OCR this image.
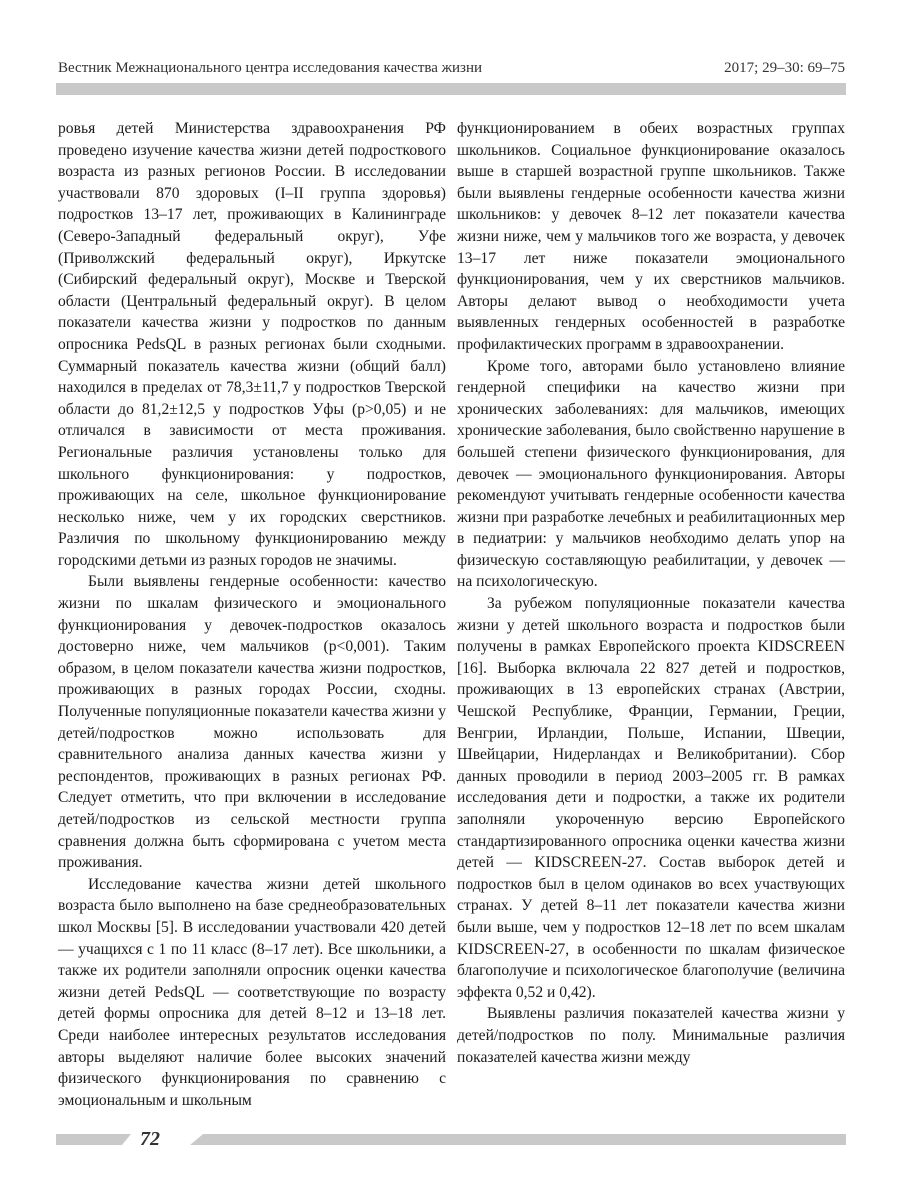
Вестник Межнационального центра исследования качества жизни	2017; 29–30: 69–75

ровья детей Министерства здравоохранения РФ проведено изучение качества жизни детей подросткового возраста из разных регионов России. В исследовании участвовали 870 здоровых (I–II группа здоровья) подростков 13–17 лет, проживающих в Калининграде (Северо-Западный федеральный округ), Уфе (Приволжский федеральный округ), Иркутске (Сибирский федеральный округ), Москве и Тверской области (Центральный федеральный округ). В целом показатели качества жизни у подростков по данным опросника PedsQL в разных регионах были сходными. Суммарный показатель качества жизни (общий балл) находился в пределах от 78,3±11,7 у подростков Тверской области до 81,2±12,5 у подростков Уфы (p>0,05) и не отличался в зависимости от места проживания. Региональные различия установлены только для школьного функционирования: у подростков, проживающих на селе, школьное функционирование несколько ниже, чем у их городских сверстников. Различия по школьному функционированию между городскими детьми из разных городов не значимы.

Были выявлены гендерные особенности: качество жизни по шкалам физического и эмоционального функционирования у девочек-подростков оказалось достоверно ниже, чем мальчиков (p<0,001). Таким образом, в целом показатели качества жизни подростков, проживающих в разных городах России, сходны. Полученные популяционные показатели качества жизни у детей/подростков можно использовать для сравнительного анализа данных качества жизни у респондентов, проживающих в разных регионах РФ. Следует отметить, что при включении в исследование детей/подростков из сельской местности группа сравнения должна быть сформирована с учетом места проживания.

Исследование качества жизни детей школьного возраста было выполнено на базе среднеобразовательных школ Москвы [5]. В исследовании участвовали 420 детей — учащихся с 1 по 11 класс (8–17 лет). Все школьники, а также их родители заполняли опросник оценки качества жизни детей PedsQL — соответствующие по возрасту детей формы опросника для детей 8–12 и 13–18 лет. Среди наиболее интересных результатов исследования авторы выделяют наличие более высоких значений физического функционирования по сравнению с эмоциональным и школьным

функционированием в обеих возрастных группах школьников. Социальное функционирование оказалось выше в старшей возрастной группе школьников. Также были выявлены гендерные особенности качества жизни школьников: у девочек 8–12 лет показатели качества жизни ниже, чем у мальчиков того же возраста, у девочек 13–17 лет ниже показатели эмоционального функционирования, чем у их сверстников мальчиков. Авторы делают вывод о необходимости учета выявленных гендерных особенностей в разработке профилактических программ в здравоохранении.

Кроме того, авторами было установлено влияние гендерной специфики на качество жизни при хронических заболеваниях: для мальчиков, имеющих хронические заболевания, было свойственно нарушение в большей степени физического функционирования, для девочек — эмоционального функционирования. Авторы рекомендуют учитывать гендерные особенности качества жизни при разработке лечебных и реабилитационных мер в педиатрии: у мальчиков необходимо делать упор на физическую составляющую реабилитации, у девочек — на психологическую.

За рубежом популяционные показатели качества жизни у детей школьного возраста и подростков были получены в рамках Европейского проекта KIDSCREEN [16]. Выборка включала 22 827 детей и подростков, проживающих в 13 европейских странах (Австрии, Чешской Республике, Франции, Германии, Греции, Венгрии, Ирландии, Польше, Испании, Швеции, Швейцарии, Нидерландах и Великобритании). Сбор данных проводили в период 2003–2005 гг. В рамках исследования дети и подростки, а также их родители заполняли укороченную версию Европейского стандартизированного опросника оценки качества жизни детей — KIDSCREEN-27. Состав выборок детей и подростков был в целом одинаков во всех участвующих странах. У детей 8–11 лет показатели качества жизни были выше, чем у подростков 12–18 лет по всем шкалам KIDSCREEN-27, в особенности по шкалам физическое благополучие и психологическое благополучие (величина эффекта 0,52 и 0,42).

Выявлены различия показателей качества жизни у детей/подростков по полу. Минимальные различия показателей качества жизни между

72
